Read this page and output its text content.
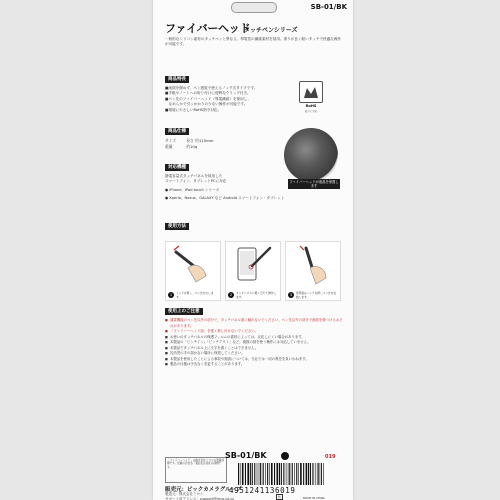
SB-01/BK
ファイバーヘッド
タッチペンシリーズ
一般的なシリコン素材のタッチペンと異なる、導電性の繊維素材を採用。滑りが良く軽いタッチで快適な操作が可能です。
商品特長
■画面を傷めず、ペン感覚で使えるノック式タイプです。
■手帳やノートへの取り付けに便利なクリップ付き。
■ペン先のファイバーヘッド（導電繊維）を採用し、
　なめらかで引っかかりの少ない操作が可能です。
■環境にやさしいRoHS指令対応。
RoHS
指令に対応
商品仕様
サイズ	長さ 約115mm
重量	約10g
対応機種
静電容量式タッチパネルを採用した
スマートフォン、タブレットPCに対応
● iPhone、iPod touch シリーズ
● Xperia、Nexus、GALAXY など Android スマートフォン・タブレット
ファイバーヘッドが液晶を保護します
使用方法
1	ノックを押し、ペン先を出します。	2	タッチパネルに軽く当てて操作します。	3	使用後はノックを押しペン先を収納します。
使用上のご注意
■ 通電機能のペン先以外の部分で、タッチパネル面に触れないでください。ペン先以外の部分で画面を傷つけるおそれがあります。
■ 「ファイバーヘッド部」を強く押し付けないでください。
■ お使いのタッチパネルの保護フィルムの素材によっては、反応しにくい場合があります。
■ 本製品の「ピンチイン」「ピンチアウト」など、複数の指を使う操作には対応していません。
■ 本製品でタッチパネル上に文字を書くことはできません。
■ 乳幼児の手の届かない場所に保管してください。
■ 本製品を使用したことによる事故や損害については、当社では一切の責任を負いかねます。
■ 製品の仕様は予告なく変更することがあります。
「ファイバーヘッド」は株式会社ミヨシの登録商標です。記載の会社名・製品名は各社の商標です。
SB-01/BK	019
4951241136019
販売元：ビックカメラグループ
製造元：株式会社ミヨシ
サポート用アドレス：support@mco.co.jp	紙	MADE IN CHINA
